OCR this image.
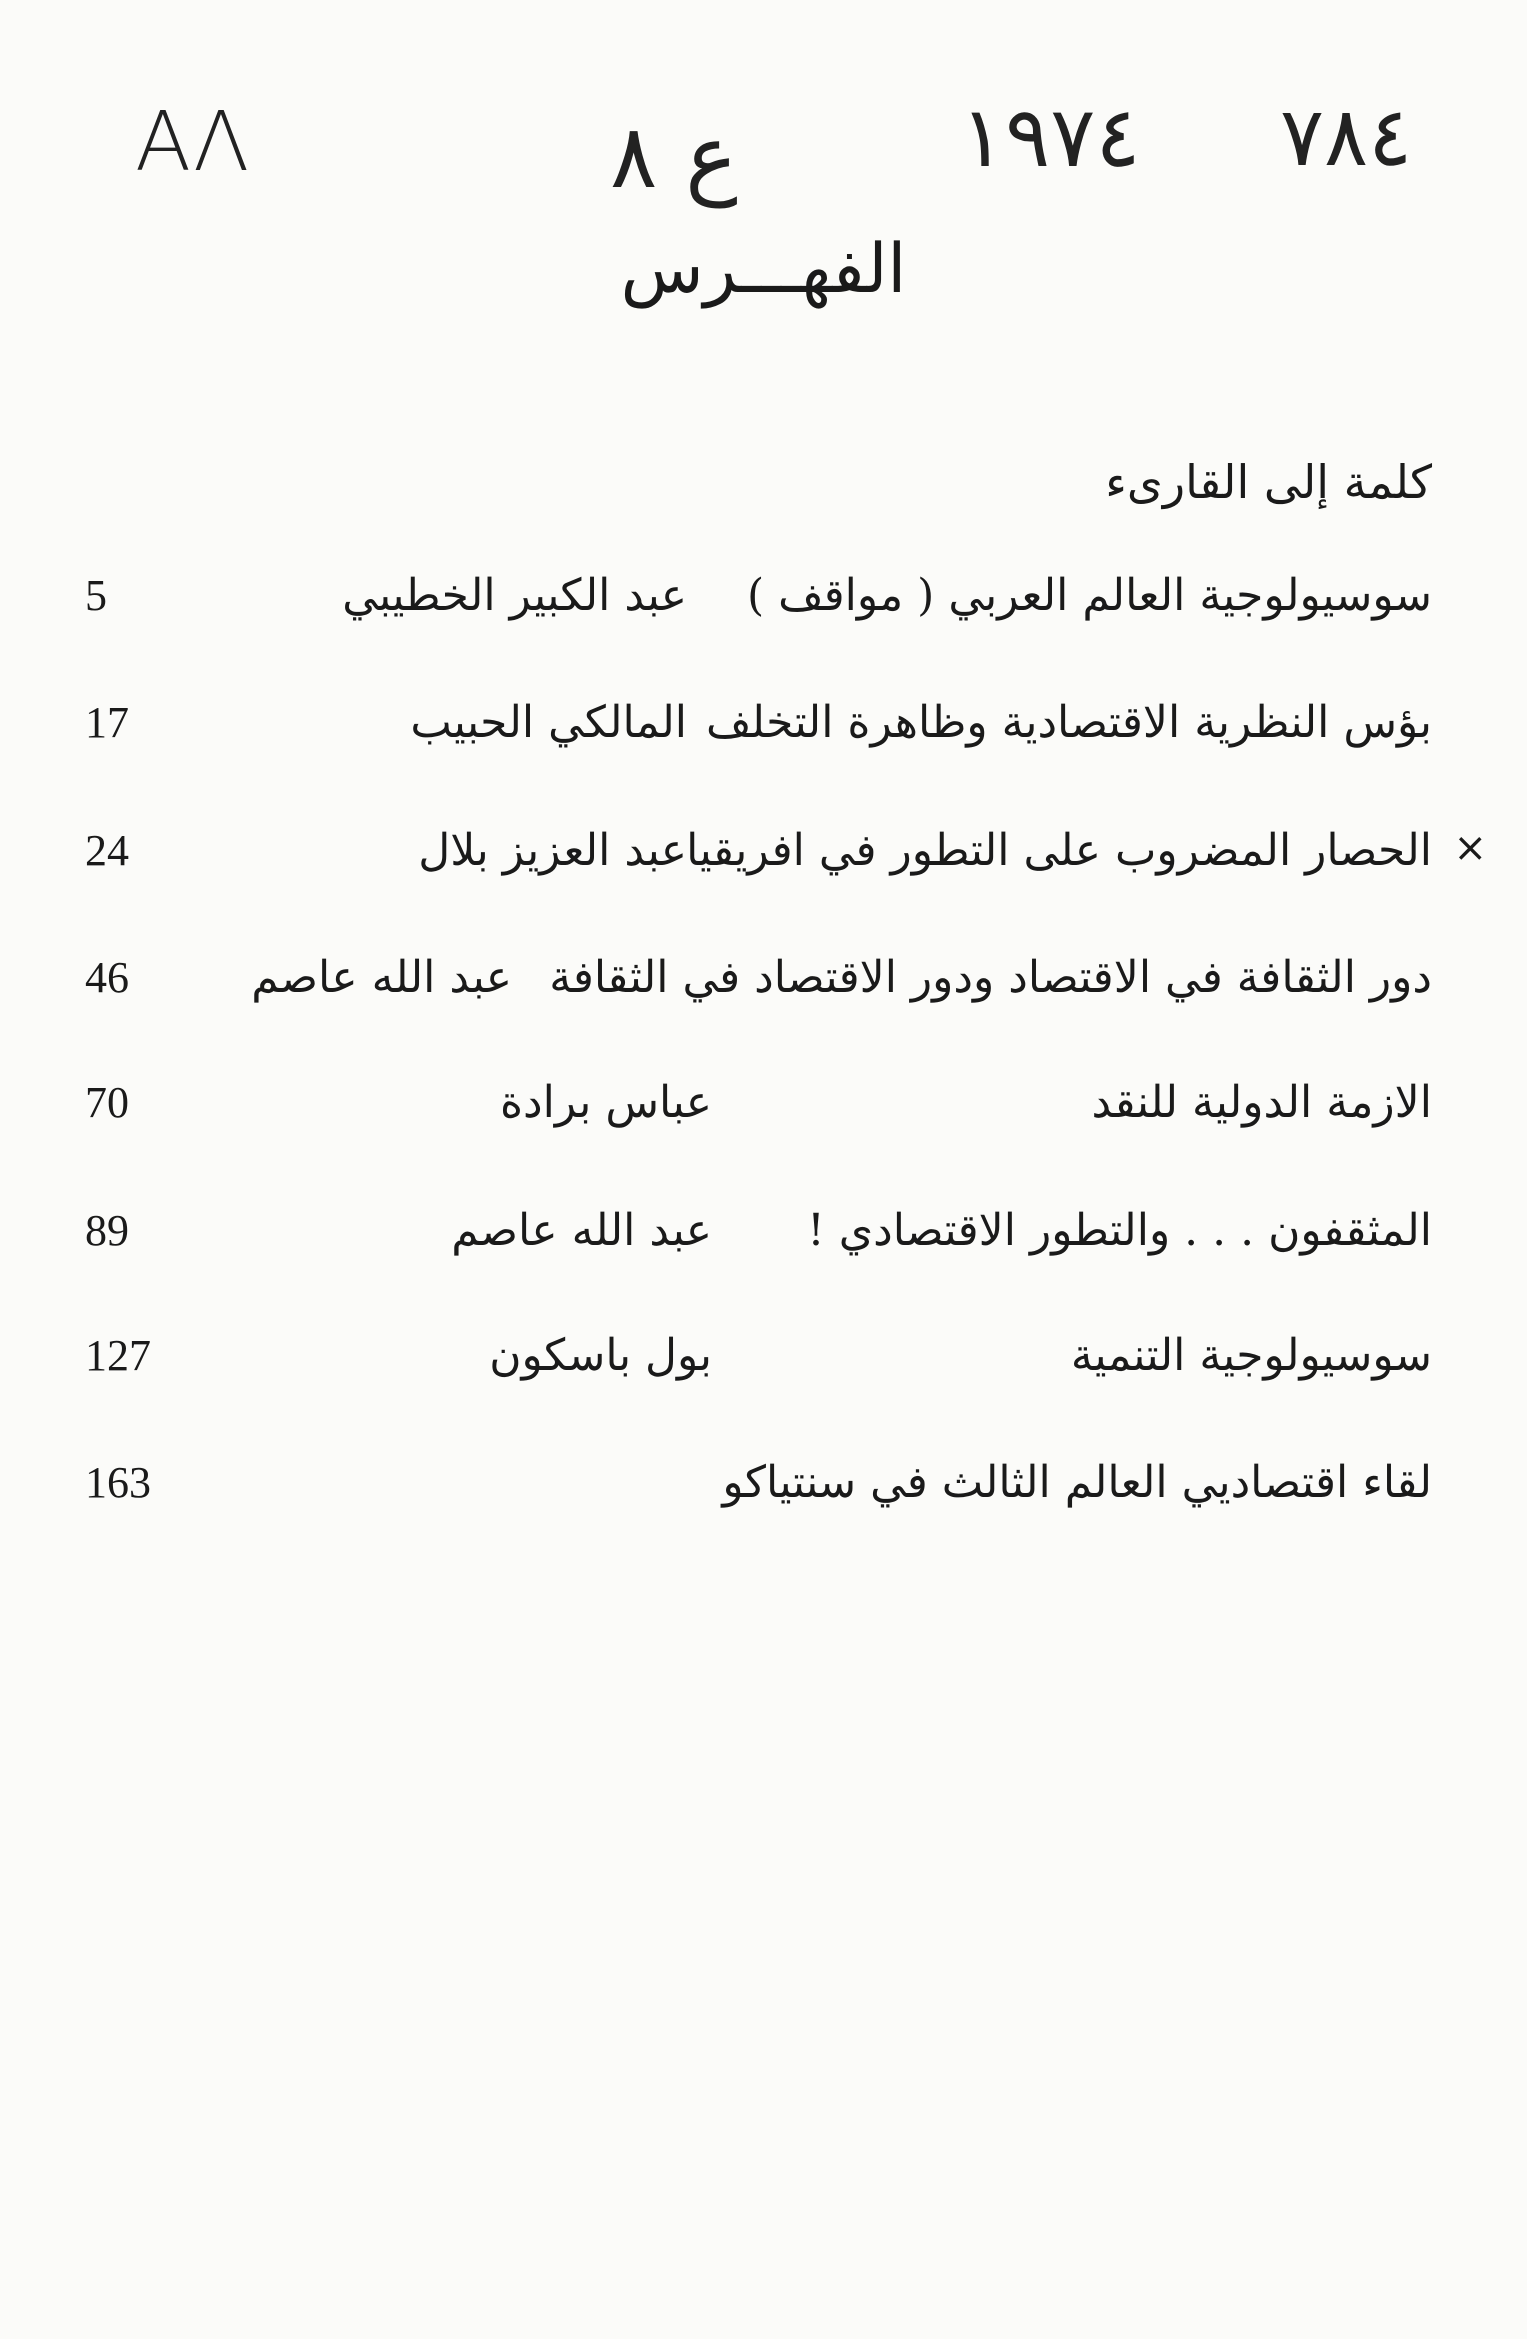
AΛ	ع ٨	١٩٧٤ ٧٨٤
الفهـــرس
كلمة إلى القارىء
5	عبد الكبير الخطيبي سوسيولوجية العالم العربي ( مواقف )
17	المالكي الحبيب بؤس النظرية الاقتصادية وظاهرة التخلف
×
24	عبد العزيز بلال الحصار المضروب على التطور في افريقيا
46	عبد الله عاصم دور الثقافة في الاقتصاد ودور الاقتصاد في الثقافة
70	عباس برادة	الازمة الدولية للنقد
89	عبد الله عاصم المثقفون . . . والتطور الاقتصادي !
127	بول باسكون	سوسيولوجية التنمية
163	لقاء اقتصاديي العالم الثالث في سنتياكو
